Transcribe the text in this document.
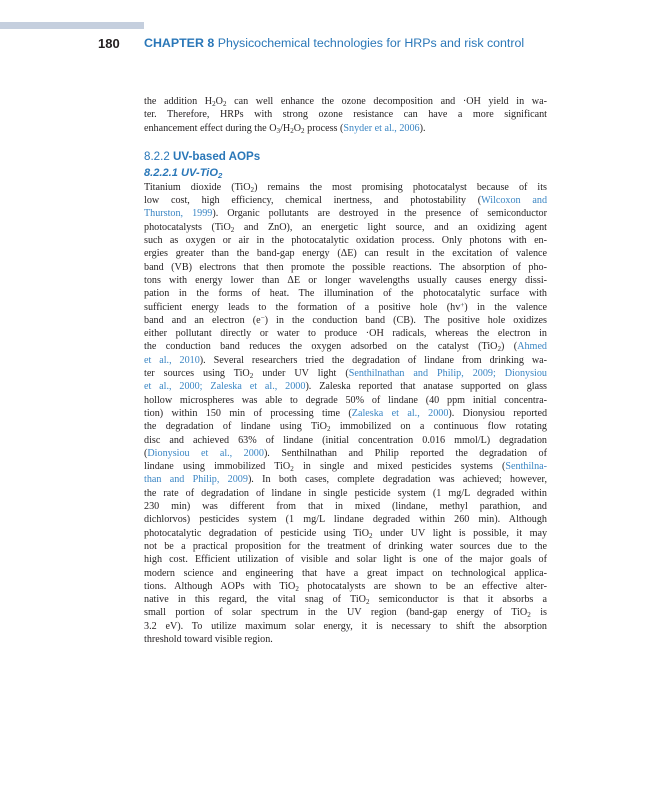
180 CHAPTER 8 Physicochemical technologies for HRPs and risk control
the addition H2O2 can well enhance the ozone decomposition and ·OH yield in wa-
ter. Therefore, HRPs with strong ozone resistance can have a more significant
enhancement effect during the O3/H2O2 process (Snyder et al., 2006).
8.2.2 UV-based AOPs
8.2.2.1 UV-TiO2
Titanium dioxide (TiO2) remains the most promising photocatalyst because of its
low cost, high efficiency, chemical inertness, and photostability (Wilcoxon and
Thurston, 1999). Organic pollutants are destroyed in the presence of semiconductor
photocatalysts (TiO2 and ZnO), an energetic light source, and an oxidizing agent
such as oxygen or air in the photocatalytic oxidation process. Only photons with en-
ergies greater than the band-gap energy (ΔE) can result in the excitation of valence
band (VB) electrons that then promote the possible reactions. The absorption of pho-
tons with energy lower than ΔE or longer wavelengths usually causes energy dissi-
pation in the forms of heat. The illumination of the photocatalytic surface with
sufficient energy leads to the formation of a positive hole (hv+) in the valence
band and an electron (e−) in the conduction band (CB). The positive hole oxidizes
either pollutant directly or water to produce ·OH radicals, whereas the electron in
the conduction band reduces the oxygen adsorbed on the catalyst (TiO2) (Ahmed
et al., 2010). Several researchers tried the degradation of lindane from drinking wa-
ter sources using TiO2 under UV light (Senthilnathan and Philip, 2009; Dionysiou
et al., 2000; Zaleska et al., 2000). Zaleska reported that anatase supported on glass
hollow microspheres was able to degrade 50% of lindane (40 ppm initial concentra-
tion) within 150 min of processing time (Zaleska et al., 2000). Dionysiou reported
the degradation of lindane using TiO2 immobilized on a continuous flow rotating
disc and achieved 63% of lindane (initial concentration 0.016 mmol/L) degradation
(Dionysiou et al., 2000). Senthilnathan and Philip reported the degradation of
lindane using immobilized TiO2 in single and mixed pesticides systems (Senthilna-
than and Philip, 2009). In both cases, complete degradation was achieved; however,
the rate of degradation of lindane in single pesticide system (1 mg/L degraded within
230 min) was different from that in mixed (lindane, methyl parathion, and
dichlorvos) pesticides system (1 mg/L lindane degraded within 260 min). Although
photocatalytic degradation of pesticide using TiO2 under UV light is possible, it may
not be a practical proposition for the treatment of drinking water sources due to the
high cost. Efficient utilization of visible and solar light is one of the major goals of
modern science and engineering that have a great impact on technological applica-
tions. Although AOPs with TiO2 photocatalysts are shown to be an effective alter-
native in this regard, the vital snag of TiO2 semiconductor is that it absorbs a
small portion of solar spectrum in the UV region (band-gap energy of TiO2 is
3.2 eV). To utilize maximum solar energy, it is necessary to shift the absorption
threshold toward visible region.
